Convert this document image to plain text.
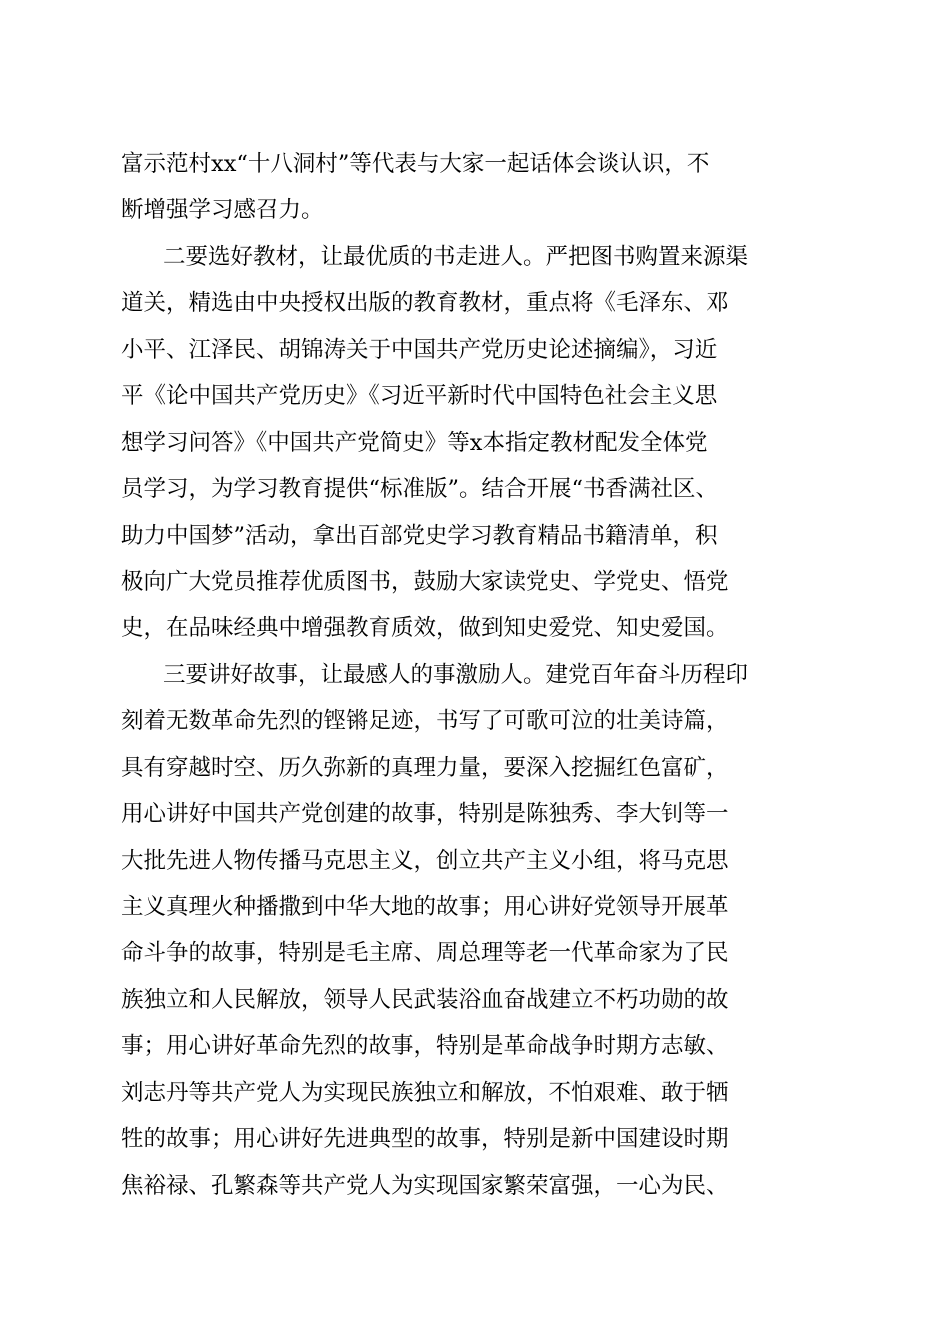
富示范村xx“十八洞村”等代表与大家一起话体会谈认识，不
断增强学习感召力。
二要选好教材，让最优质的书走进人。严把图书购置来源渠
道关，精选由中央授权出版的教育教材，重点将《毛泽东、邓
小平、江泽民、胡锦涛关于中国共产党历史论述摘编》，习近
平《论中国共产党历史》《习近平新时代中国特色社会主义思
想学习问答》《中国共产党简史》等x本指定教材配发全体党
员学习，为学习教育提供“标准版”。结合开展“书香满社区、
助力中国梦”活动，拿出百部党史学习教育精品书籍清单，积
极向广大党员推荐优质图书，鼓励大家读党史、学党史、悟党
史，在品味经典中增强教育质效，做到知史爱党、知史爱国。
三要讲好故事，让最感人的事激励人。建党百年奋斗历程印
刻着无数革命先烈的铿锵足迹，书写了可歌可泣的壮美诗篇，
具有穿越时空、历久弥新的真理力量，要深入挖掘红色富矿，
用心讲好中国共产党创建的故事，特别是陈独秀、李大钊等一
大批先进人物传播马克思主义，创立共产主义小组，将马克思
主义真理火种播撒到中华大地的故事；用心讲好党领导开展革
命斗争的故事，特别是毛主席、周总理等老一代革命家为了民
族独立和人民解放，领导人民武装浴血奋战建立不朽功勋的故
事；用心讲好革命先烈的故事，特别是革命战争时期方志敏、
刘志丹等共产党人为实现民族独立和解放，不怕艰难、敢于牺
牲的故事；用心讲好先进典型的故事，特别是新中国建设时期
焦裕禄、孔繁森等共产党人为实现国家繁荣富强，一心为民、
